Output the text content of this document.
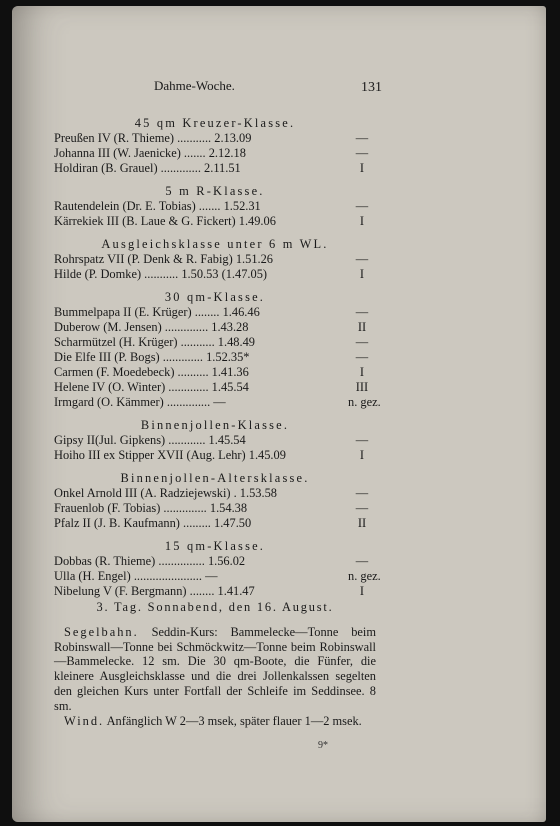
Dahme-Woche.	131
45 qm Kreuzer-Klasse.
Preußen IV (R. Thieme) ........... 2.13.09	—
Johanna III (W. Jaenicke) ....... 2.12.18	—
Holdiran (B. Grauel) ............. 2.11.51	I
5 m R-Klasse.
Rautendelein (Dr. E. Tobias) ....... 1.52.31	—
Kärrekiek III (B. Laue & G. Fickert) 1.49.06	I
Ausgleichsklasse unter 6 m WL.
Rohrspatz VII (P. Denk & R. Fabig) 1.51.26	—
Hilde (P. Domke) ........... 1.50.53 (1.47.05)	I
30 qm-Klasse.
Bummelpapa II (E. Krüger) ........ 1.46.46	—
Duberow (M. Jensen) .............. 1.43.28	II
Scharmützel (H. Krüger) ........... 1.48.49	—
Die Elfe III (P. Bogs) ............. 1.52.35*	—
Carmen (F. Moedebeck) .......... 1.41.36	I
Helene IV (O. Winter) ............. 1.45.54	III
Irmgard (O. Kämmer) .............. —	n. gez.
Binnenjollen-Klasse.
Gipsy II(Jul. Gipkens) ............ 1.45.54	—
Hoiho III ex Stipper XVII (Aug. Lehr) 1.45.09	I
Binnenjollen-Altersklasse.
Onkel Arnold III (A. Radziejewski) . 1.53.58	—
Frauenlob (F. Tobias) .............. 1.54.38	—
Pfalz II (J. B. Kaufmann) ......... 1.47.50	II
15 qm-Klasse.
Dobbas (R. Thieme) ............... 1.56.02	—
Ulla (H. Engel) ...................... —	n. gez.
Nibelung V (F. Bergmann) ........ 1.41.47	I
3. Tag. Sonnabend, den 16. August.

Segelbahn. Seddin-Kurs: Bammelecke—Tonne beim Robinswall—Tonne bei Schmöckwitz—Tonne beim Robinswall—Bammelecke. 12 sm. Die 30 qm-Boote, die Fünfer, die kleinere Ausgleichsklasse und die drei Jollenkalssen segelten den gleichen Kurs unter Fortfall der Schleife im Seddinsee. 8 sm.

Wind. Anfänglich W 2—3 msek, später flauer 1—2 msek.

9*
